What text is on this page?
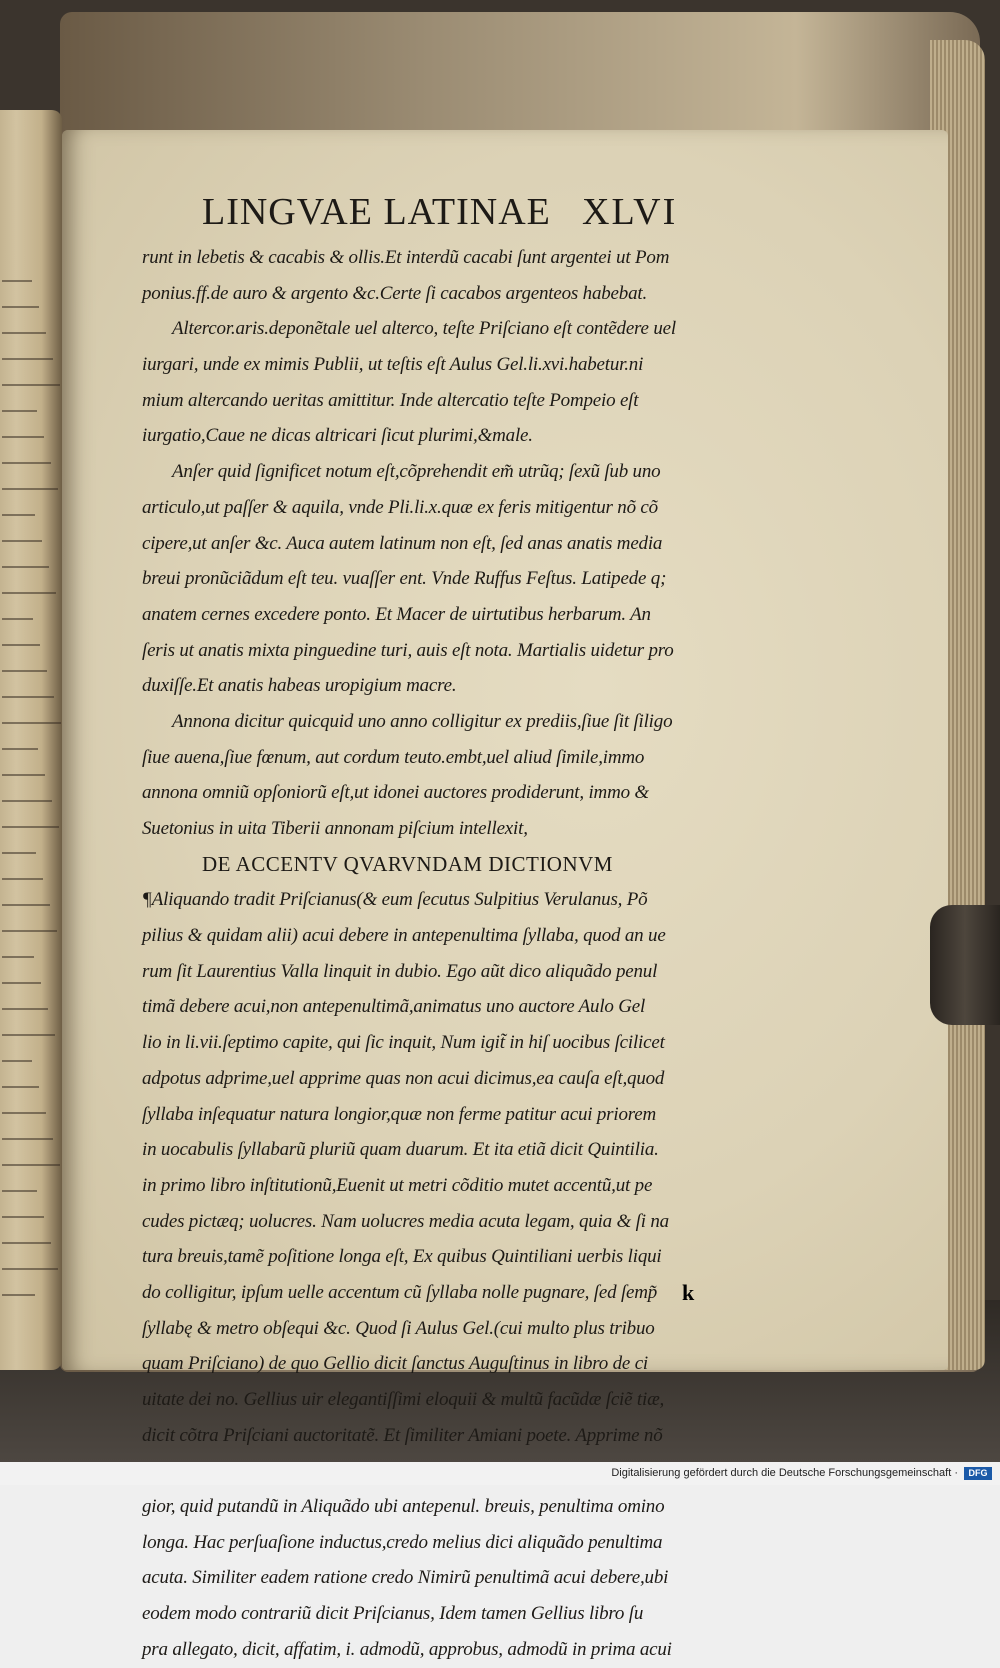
LINGVAE LATINAE XLVI
runt in lebetis & cacabis & ollis.Et interdũ cacabi ſunt argentei ut Pom
ponius.ff.de auro & argento &c.Certe ſi cacabos argenteos habebat.
Altercor.aris.deponẽtale uel alterco, teſte Priſciano eſt contẽdere uel
iurgari, unde ex mimis Publii, ut teſtis eſt Aulus Gel.li.xvi.habetur.ni
mium altercando ueritas amittitur. Inde altercatio teſte Pompeio eſt
iurgatio,Caue ne dicas altricari ſicut plurimi,&male.
Anſer quid ſignificet notum eſt,cõprehendit em̃ utrũq; ſexũ ſub uno
articulo,ut paſſer & aquila, vnde Pli.li.x.quæ ex feris mitigentur nõ cõ
cipere,ut anſer &c. Auca autem latinum non eſt, ſed anas anatis media
breui pronũciãdum eſt teu. vuaſſer ent. Vnde Ruffus Feſtus. Latipede q;
anatem cernes excedere ponto. Et Macer de uirtutibus herbarum. An
ſeris ut anatis mixta pinguedine turi, auis eſt nota. Martialis uidetur pro
duxiſſe.Et anatis habeas uropigium macre.
Annona dicitur quicquid uno anno colligitur ex prediis,ſiue ſit ſiligo
ſiue auena,ſiue fœnum, aut cordum teuto.embt,uel aliud ſimile,immo
annona omniũ opſoniorũ eſt,ut idonei auctores prodiderunt, immo &
Suetonius in uita Tiberii annonam piſcium intellexit,
DE ACCENTV QVARVNDAM DICTIONVM
¶Aliquando tradit Priſcianus(& eum ſecutus Sulpitius Verulanus, Põ
pilius & quidam alii) acui debere in antepenultima ſyllaba, quod an ue
rum ſit Laurentius Valla linquit in dubio. Ego aũt dico aliquãdo penul
timã debere acui,non antepenultimã,animatus uno auctore Aulo Gel
lio in li.vii.ſeptimo capite, qui ſic inquit, Num igit̃ in hiſ uocibus ſcilicet
adpotus adprime,uel apprime quas non acui dicimus,ea cauſa eſt,quod
ſyllaba inſequatur natura longior,quæ non ferme patitur acui priorem
in uocabulis ſyllabarũ pluriũ quam duarum. Et ita etiã dicit Quintilia.
in primo libro inſtitutionũ,Euenit ut metri cõditio mutet accentũ,ut pe
cudes pictæq; uolucres. Nam uolucres media acuta legam, quia & ſi na
tura breuis,tamẽ poſitione longa eſt, Ex quibus Quintiliani uerbis liqui
do colligitur, ipſum uelle accentum cũ ſyllaba nolle pugnare, ſed ſemp̃
ſyllabę & metro obſequi &c. Quod ſi Aulus Gel.(cui multo plus tribuo
quam Priſciano) de quo Gellio dicit ſanctus Auguſtinus in libro de ci
uitate dei no. Gellius uir elegantiſſimi eloquii & multũ facũdæ ſciẽ tiæ,
dicit cõtra Priſciani auctoritatẽ. Et ſimiliter Amiani poete. Apprime nõ
gior, quid putandũ in Aliquãdo ubi antepenul. breuis, penultima omino
longa. Hac perſuaſione inductus,credo melius dici aliquãdo penultima
acuta. Similiter eadem ratione credo Nimirũ penultimã acui debere,ubi
eodem modo contrariũ dicit Priſcianus, Idem tamen Gellius libro ſu
pra allegato, dicit, affatim, i. admodũ, approbus, admodũ in prima acui
k
Digitalisierung gefördert durch die Deutsche Forschungsgemeinschaft ·	DFG
